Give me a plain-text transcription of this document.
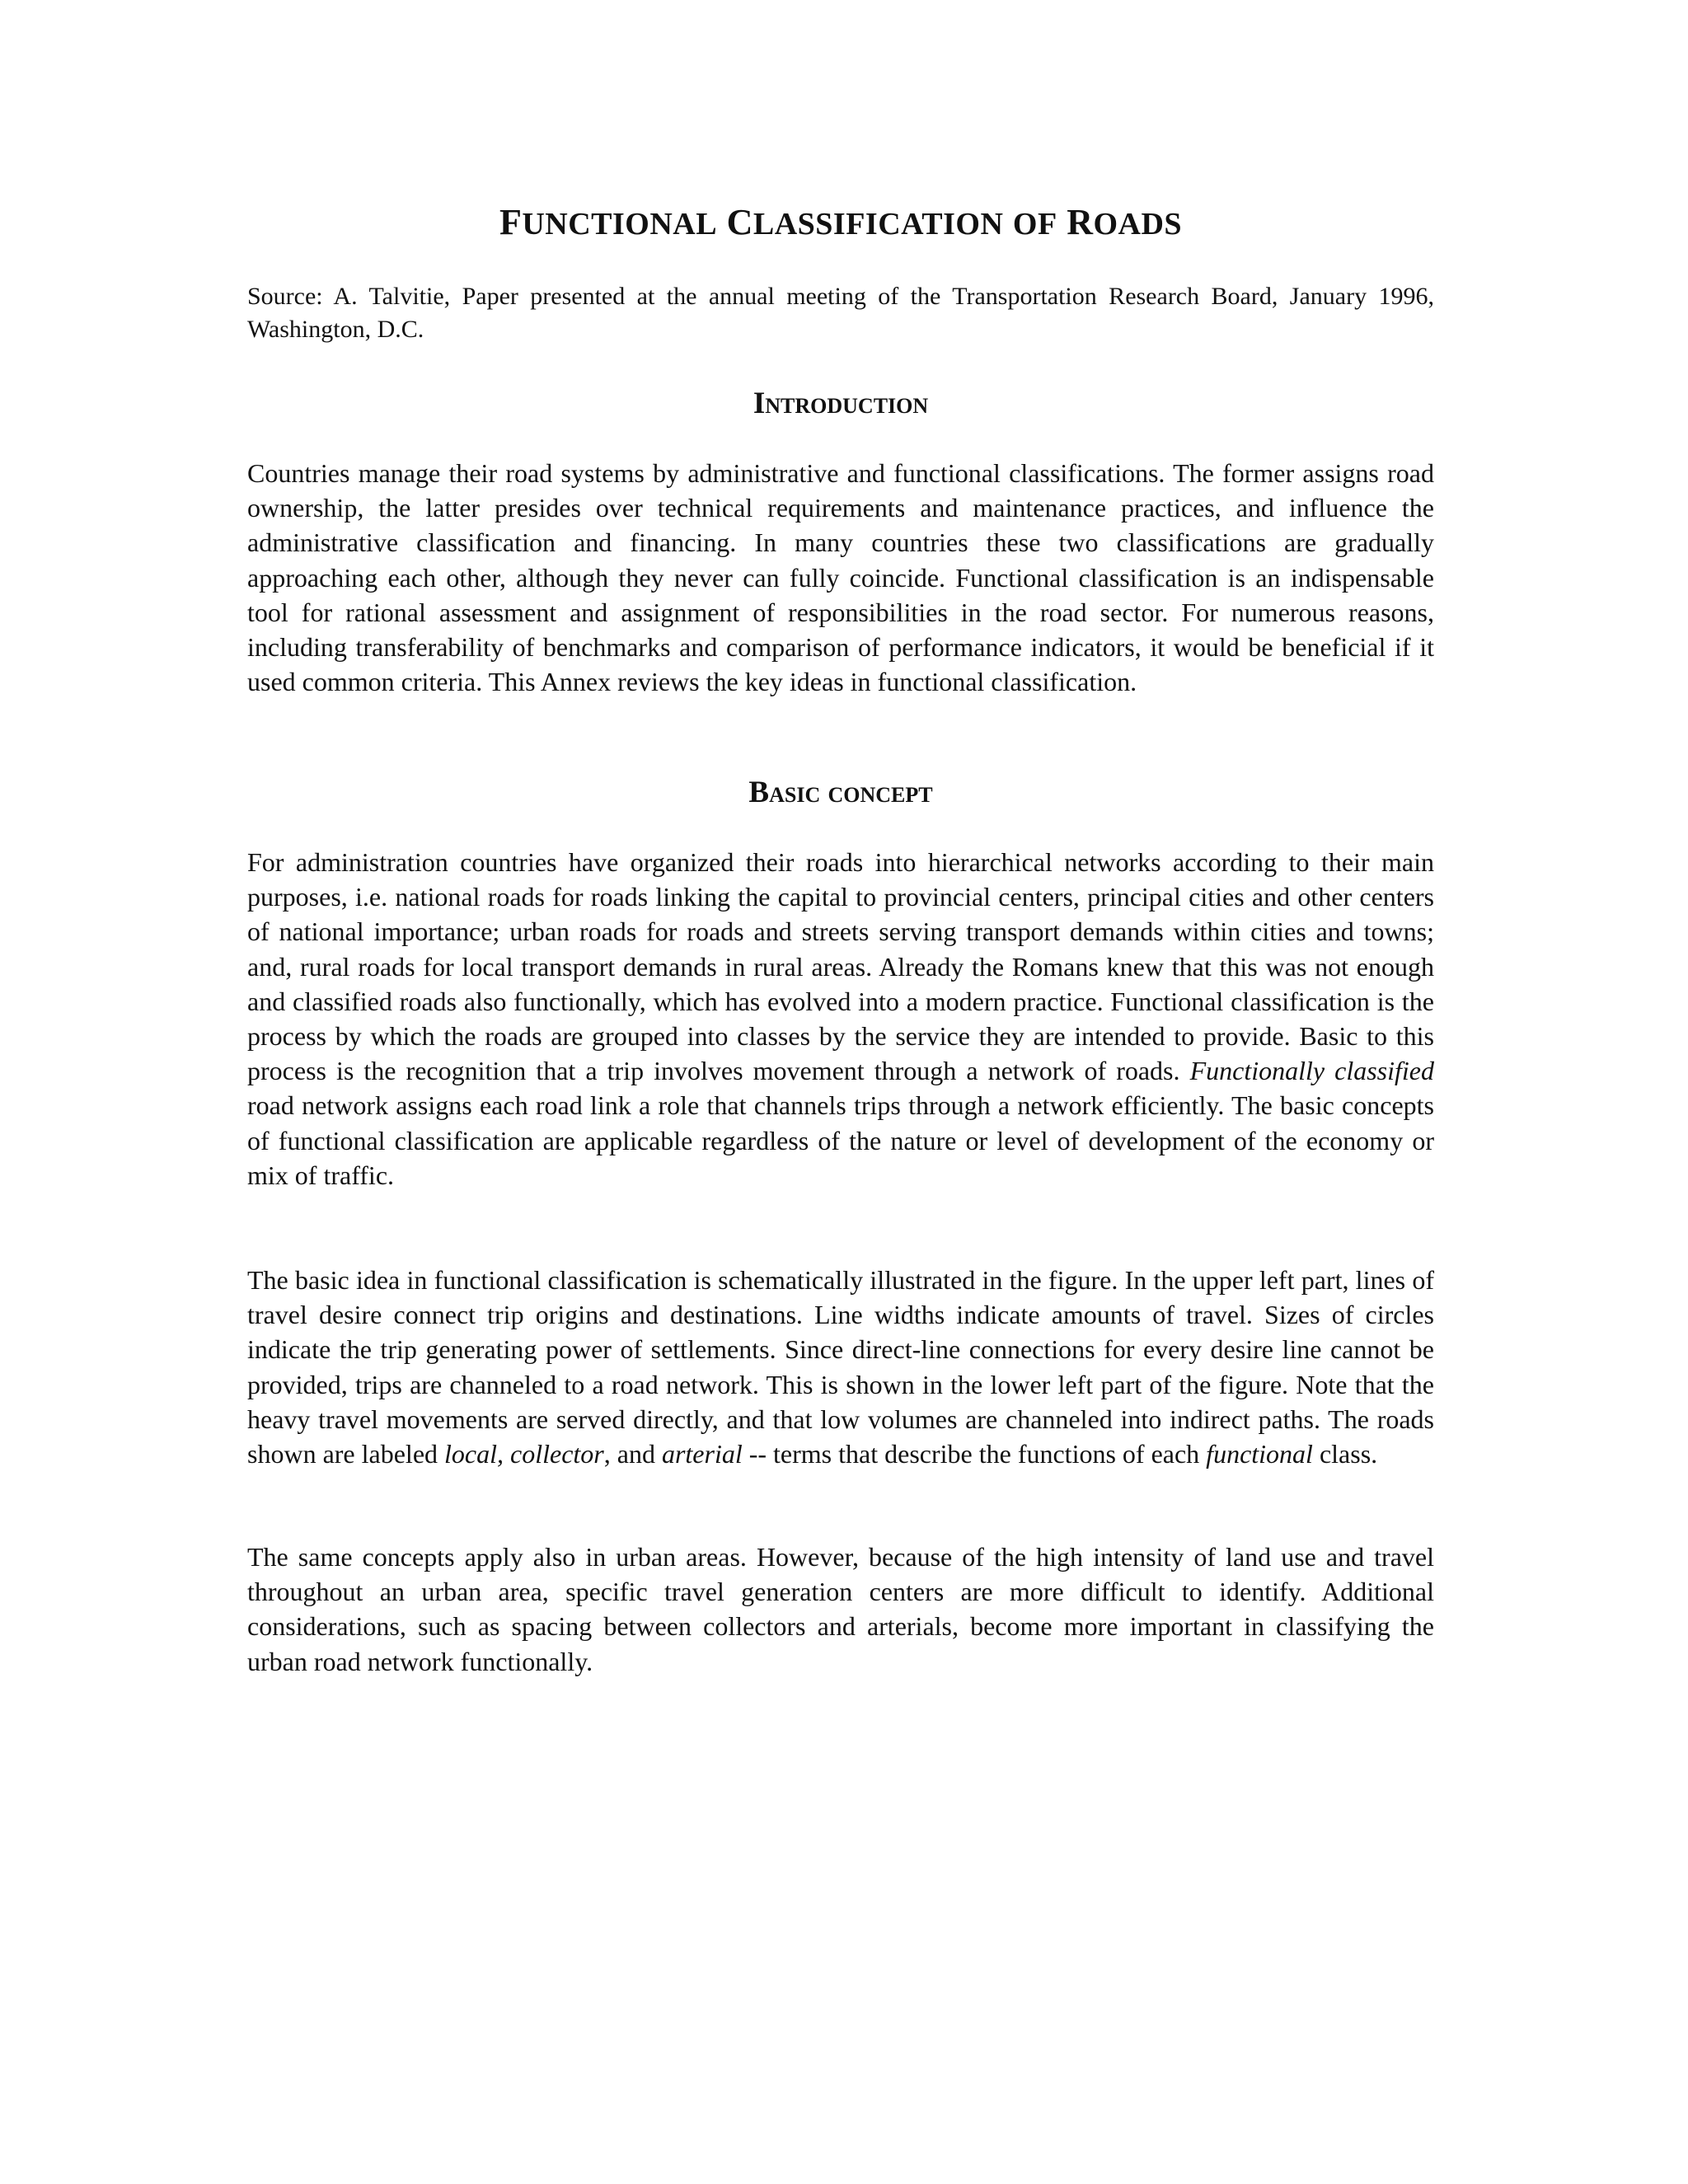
FUNCTIONAL CLASSIFICATION OF ROADS

Source: A. Talvitie, Paper presented at the annual meeting of the Transportation Research Board, January 1996, Washington, D.C.

Introduction

Countries manage their road systems by administrative and functional classifications. The former assigns road ownership, the latter presides over technical requirements and maintenance practices, and influence the administrative classification and financing. In many countries these two classifications are gradually approaching each other, although they never can fully coincide. Functional classification is an indispensable tool for rational assessment and assignment of responsibilities in the road sector. For numerous reasons, including transferability of benchmarks and comparison of performance indicators, it would be beneficial if it used common criteria. This Annex reviews the key ideas in functional classification.

Basic concept

For administration countries have organized their roads into hierarchical networks according to their main purposes, i.e. national roads for roads linking the capital to provincial centers, principal cities and other centers of national importance; urban roads for roads and streets serving transport demands within cities and towns; and, rural roads for local transport demands in rural areas. Already the Romans knew that this was not enough and classified roads also functionally, which has evolved into a modern practice. Functional classification is the process by which the roads are grouped into classes by the service they are intended to provide. Basic to this process is the recognition that a trip involves movement through a network of roads. Functionally classified road network assigns each road link a role that channels trips through a network efficiently. The basic concepts of functional classification are applicable regardless of the nature or level of development of the economy or mix of traffic.

The basic idea in functional classification is schematically illustrated in the figure. In the upper left part, lines of travel desire connect trip origins and destinations. Line widths indicate amounts of travel. Sizes of circles indicate the trip generating power of settlements. Since direct-line connections for every desire line cannot be provided, trips are channeled to a road network. This is shown in the lower left part of the figure. Note that the heavy travel movements are served directly, and that low volumes are channeled into indirect paths. The roads shown are labeled local, collector, and arterial -- terms that describe the functions of each functional class.

The same concepts apply also in urban areas. However, because of the high intensity of land use and travel throughout an urban area, specific travel generation centers are more difficult to identify. Additional considerations, such as spacing between collectors and arterials, become more important in classifying the urban road network functionally.
